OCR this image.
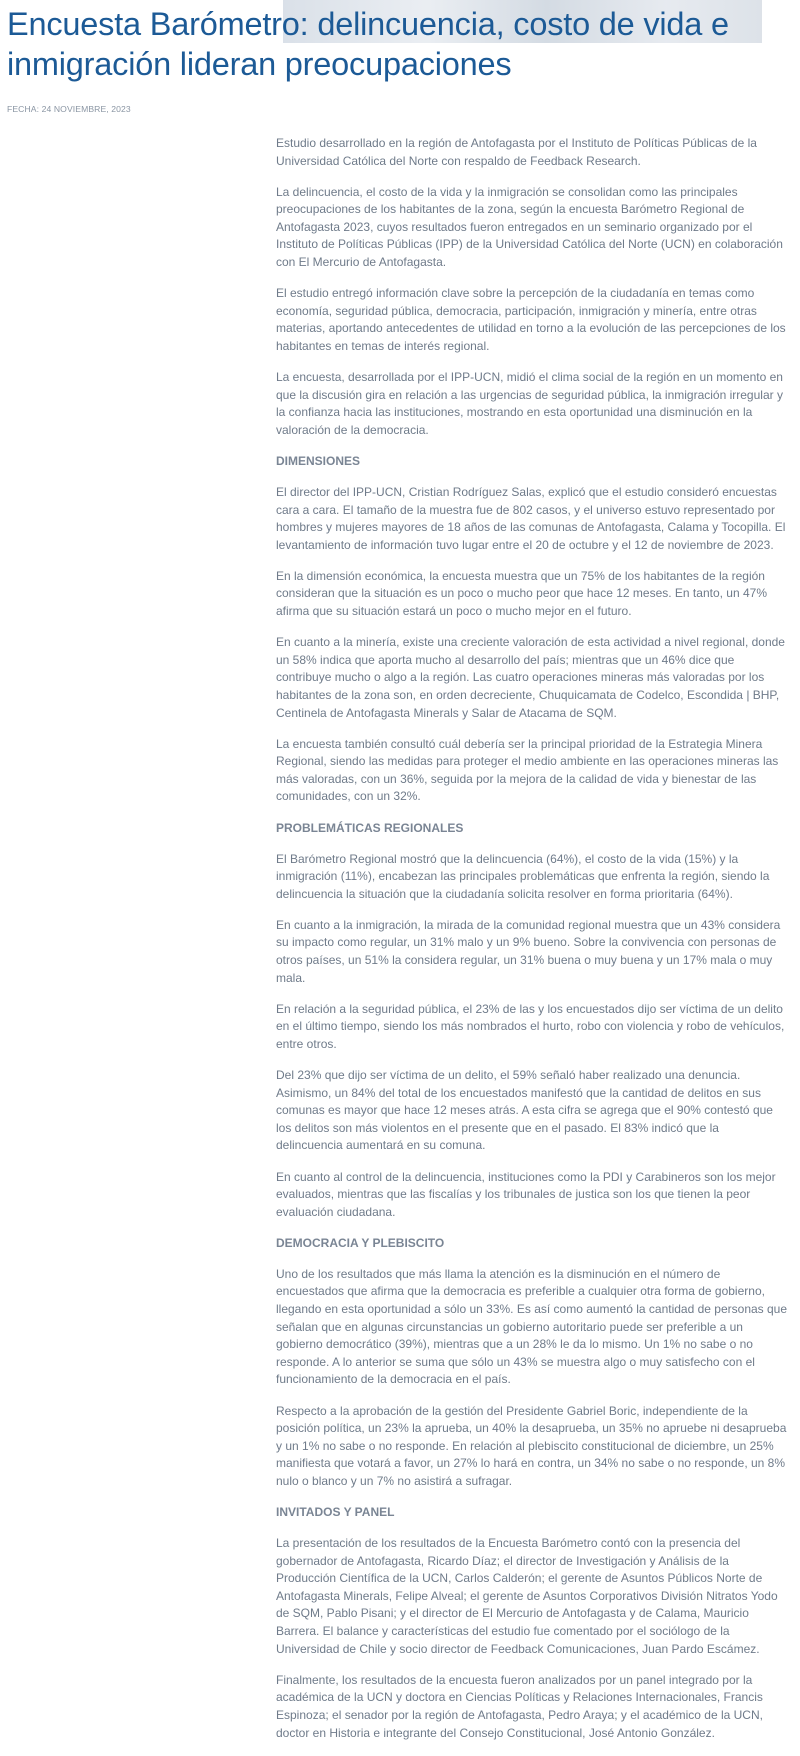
Encuesta Barómetro: delincuencia, costo de vida e inmigración lideran preocupaciones
FECHA: 24 NOVIEMBRE, 2023

Estudio desarrollado en la región de Antofagasta por el Instituto de Políticas Públicas de la Universidad Católica del Norte con respaldo de Feedback Research.

La delincuencia, el costo de la vida y la inmigración se consolidan como las principales preocupaciones de los habitantes de la zona, según la encuesta Barómetro Regional de Antofagasta 2023, cuyos resultados fueron entregados en un seminario organizado por el Instituto de Políticas Públicas (IPP) de la Universidad Católica del Norte (UCN) en colaboración con El Mercurio de Antofagasta.

El estudio entregó información clave sobre la percepción de la ciudadanía en temas como economía, seguridad pública, democracia, participación, inmigración y minería, entre otras materias, aportando antecedentes de utilidad en torno a la evolución de las percepciones de los habitantes en temas de interés regional.

La encuesta, desarrollada por el IPP-UCN, midió el clima social de la región en un momento en que la discusión gira en relación a las urgencias de seguridad pública, la inmigración irregular y la confianza hacia las instituciones, mostrando en esta oportunidad una disminución en la valoración de la democracia.

DIMENSIONES

El director del IPP-UCN, Cristian Rodríguez Salas, explicó que el estudio consideró encuestas cara a cara. El tamaño de la muestra fue de 802 casos, y el universo estuvo representado por hombres y mujeres mayores de 18 años de las comunas de Antofagasta, Calama y Tocopilla. El levantamiento de información tuvo lugar entre el 20 de octubre y el 12 de noviembre de 2023.

En la dimensión económica, la encuesta muestra que un 75% de los habitantes de la región consideran que la situación es un poco o mucho peor que hace 12 meses. En tanto, un 47% afirma que su situación estará un poco o mucho mejor en el futuro.

En cuanto a la minería, existe una creciente valoración de esta actividad a nivel regional, donde un 58% indica que aporta mucho al desarrollo del país; mientras que un 46% dice que contribuye mucho o algo a la región. Las cuatro operaciones mineras más valoradas por los habitantes de la zona son, en orden decreciente, Chuquicamata de Codelco, Escondida | BHP, Centinela de Antofagasta Minerals y Salar de Atacama de SQM.

La encuesta también consultó cuál debería ser la principal prioridad de la Estrategia Minera Regional, siendo las medidas para proteger el medio ambiente en las operaciones mineras las más valoradas, con un 36%, seguida por la mejora de la calidad de vida y bienestar de las comunidades, con un 32%.

PROBLEMÁTICAS REGIONALES

El Barómetro Regional mostró que la delincuencia (64%), el costo de la vida (15%) y la inmigración (11%), encabezan las principales problemáticas que enfrenta la región, siendo la delincuencia la situación que la ciudadanía solicita resolver en forma prioritaria (64%).

En cuanto a la inmigración, la mirada de la comunidad regional muestra que un 43% considera su impacto como regular, un 31% malo y un 9% bueno. Sobre la convivencia con personas de otros países, un 51% la considera regular, un 31% buena o muy buena y un 17% mala o muy mala.

En relación a la seguridad pública, el 23% de las y los encuestados dijo ser víctima de un delito en el último tiempo, siendo los más nombrados el hurto, robo con violencia y robo de vehículos, entre otros.

Del 23% que dijo ser víctima de un delito, el 59% señaló haber realizado una denuncia. Asimismo, un 84% del total de los encuestados manifestó que la cantidad de delitos en sus comunas es mayor que hace 12 meses atrás. A esta cifra se agrega que el 90% contestó que los delitos son más violentos en el presente que en el pasado. El 83% indicó que la delincuencia aumentará en su comuna.

En cuanto al control de la delincuencia, instituciones como la PDI y Carabineros son los mejor evaluados, mientras que las fiscalías y los tribunales de justica son los que tienen la peor evaluación ciudadana.

DEMOCRACIA Y PLEBISCITO

Uno de los resultados que más llama la atención es la disminución en el número de encuestados que afirma que la democracia es preferible a cualquier otra forma de gobierno, llegando en esta oportunidad a sólo un 33%. Es así como aumentó la cantidad de personas que señalan que en algunas circunstancias un gobierno autoritario puede ser preferible a un gobierno democrático (39%), mientras que a un 28% le da lo mismo. Un 1% no sabe o no responde. A lo anterior se suma que sólo un 43% se muestra algo o muy satisfecho con el funcionamiento de la democracia en el país.

Respecto a la aprobación de la gestión del Presidente Gabriel Boric, independiente de la posición política, un 23% la aprueba, un 40% la desaprueba, un 35% no apruebe ni desaprueba y un 1% no sabe o no responde. En relación al plebiscito constitucional de diciembre, un 25% manifiesta que votará a favor, un 27% lo hará en contra, un 34% no sabe o no responde, un 8% nulo o blanco y un 7% no asistirá a sufragar.

INVITADOS Y PANEL

La presentación de los resultados de la Encuesta Barómetro contó con la presencia del gobernador de Antofagasta, Ricardo Díaz; el director de Investigación y Análisis de la Producción Científica de la UCN, Carlos Calderón; el gerente de Asuntos Públicos Norte de Antofagasta Minerals, Felipe Alveal; el gerente de Asuntos Corporativos División Nitratos Yodo de SQM, Pablo Pisani; y el director de El Mercurio de Antofagasta y de Calama, Mauricio Barrera. El balance y características del estudio fue comentado por el sociólogo de la Universidad de Chile y socio director de Feedback Comunicaciones, Juan Pardo Escámez.

Finalmente, los resultados de la encuesta fueron analizados por un panel integrado por la académica de la UCN y doctora en Ciencias Políticas y Relaciones Internacionales, Francis Espinoza; el senador por la región de Antofagasta, Pedro Araya; y el académico de la UCN, doctor en Historia e integrante del Consejo Constitucional, José Antonio González.
